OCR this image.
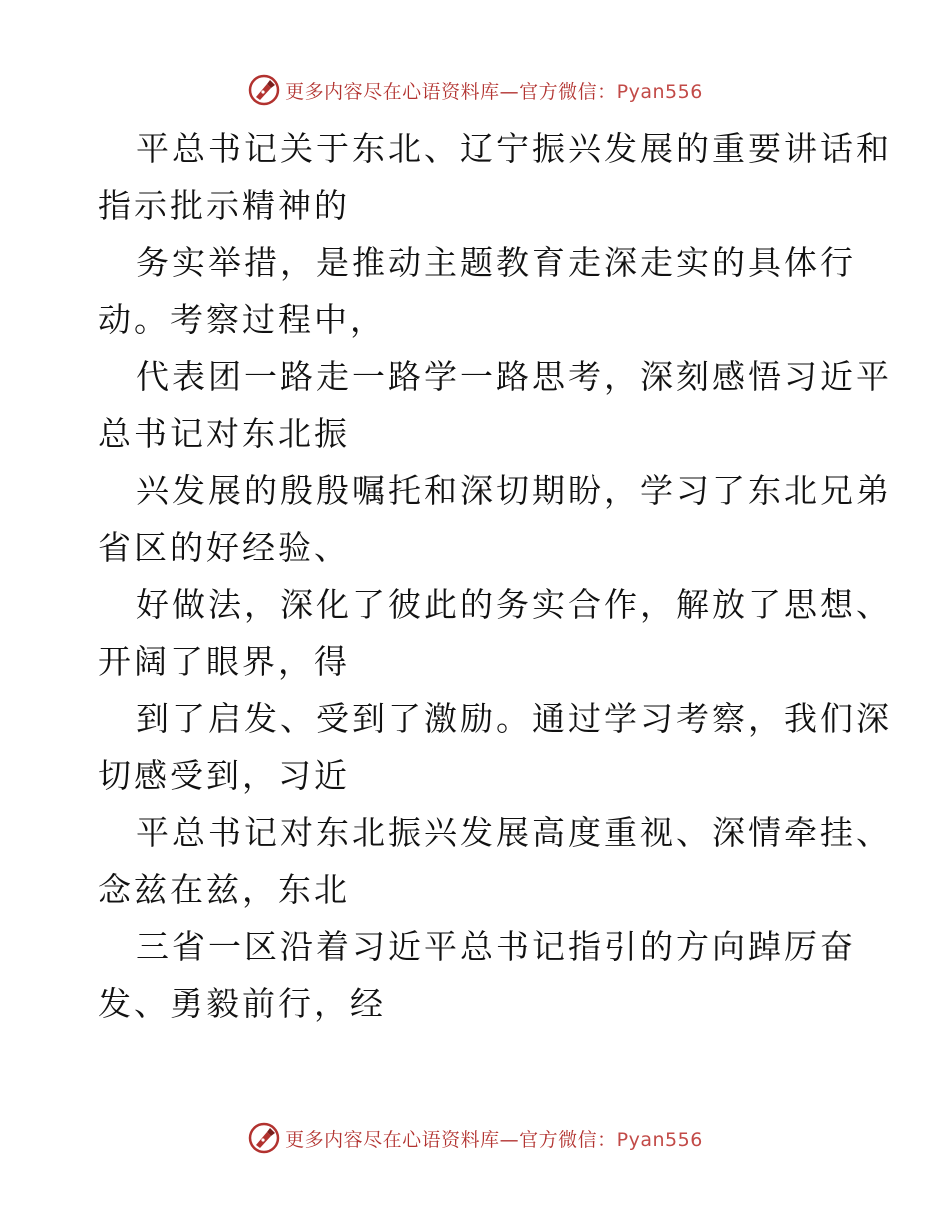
更多内容尽在心语资料库—官方微信：Pyan556
平总书记关于东北、辽宁振兴发展的重要讲话和
指示批示精神的
务实举措，是推动主题教育走深走实的具体行
动。考察过程中，
代表团一路走一路学一路思考，深刻感悟习近平
总书记对东北振
兴发展的殷殷嘱托和深切期盼，学习了东北兄弟
省区的好经验、
好做法，深化了彼此的务实合作，解放了思想、
开阔了眼界，得
到了启发、受到了激励。通过学习考察，我们深
切感受到，习近
平总书记对东北振兴发展高度重视、深情牵挂、
念兹在兹，东北
三省一区沿着习近平总书记指引的方向踔厉奋
发、勇毅前行，经
更多内容尽在心语资料库—官方微信：Pyan556
